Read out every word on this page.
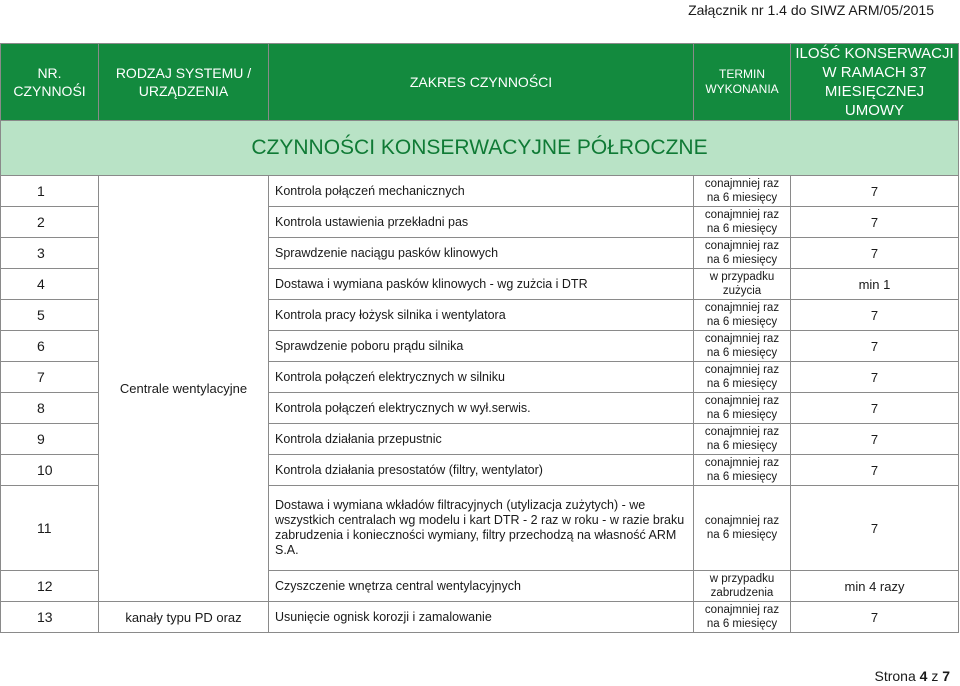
Załącznik nr 1.4 do SIWZ ARM/05/2015
NR. CZYNNOŚI	RODZAJ SYSTEMU / URZĄDZENIA	ZAKRES CZYNNOŚCI	TERMIN WYKONANIA	ILOŚĆ KONSERWACJI W RAMACH 37 MIESIĘCZNEJ UMOWY
CZYNNOŚCI KONSERWACYJNE PÓŁROCZNE				
1	Centrale wentylacyjne	Kontrola połączeń mechanicznych	conajmniej raz na 6 miesięcy	7
2		Kontrola ustawienia przekładni pas	conajmniej raz na 6 miesięcy	7
3		Sprawdzenie naciągu pasków klinowych	conajmniej raz na 6 miesięcy	7
4		Dostawa i wymiana pasków klinowych - wg zużcia i DTR	w przypadku zużycia	min 1
5		Kontrola pracy łożysk silnika i wentylatora	conajmniej raz na 6 miesięcy	7
6		Sprawdzenie poboru prądu silnika	conajmniej raz na 6 miesięcy	7
7		Kontrola połączeń elektrycznych w silniku	conajmniej raz na 6 miesięcy	7
8		Kontrola połączeń elektrycznych w wył.serwis.	conajmniej raz na 6 miesięcy	7
9		Kontrola działania przepustnic	conajmniej raz na 6 miesięcy	7
10		Kontrola działania presostatów (filtry, wentylator)	conajmniej raz na 6 miesięcy	7
11		Dostawa i wymiana wkładów filtracyjnych (utylizacja zużytych) - we wszystkich centralach wg modelu i kart DTR - 2 raz w roku - w razie braku zabrudzenia i konieczności wymiany, filtry przechodzą na własność ARM S.A.	conajmniej raz na 6 miesięcy	7
12		Czyszczenie wnętrza central wentylacyjnych	w przypadku zabrudzenia	min 4 razy
13	kanały typu PD oraz	Usunięcie ognisk korozji i zamalowanie	conajmniej raz na 6 miesięcy	7
Strona 4 z 7
